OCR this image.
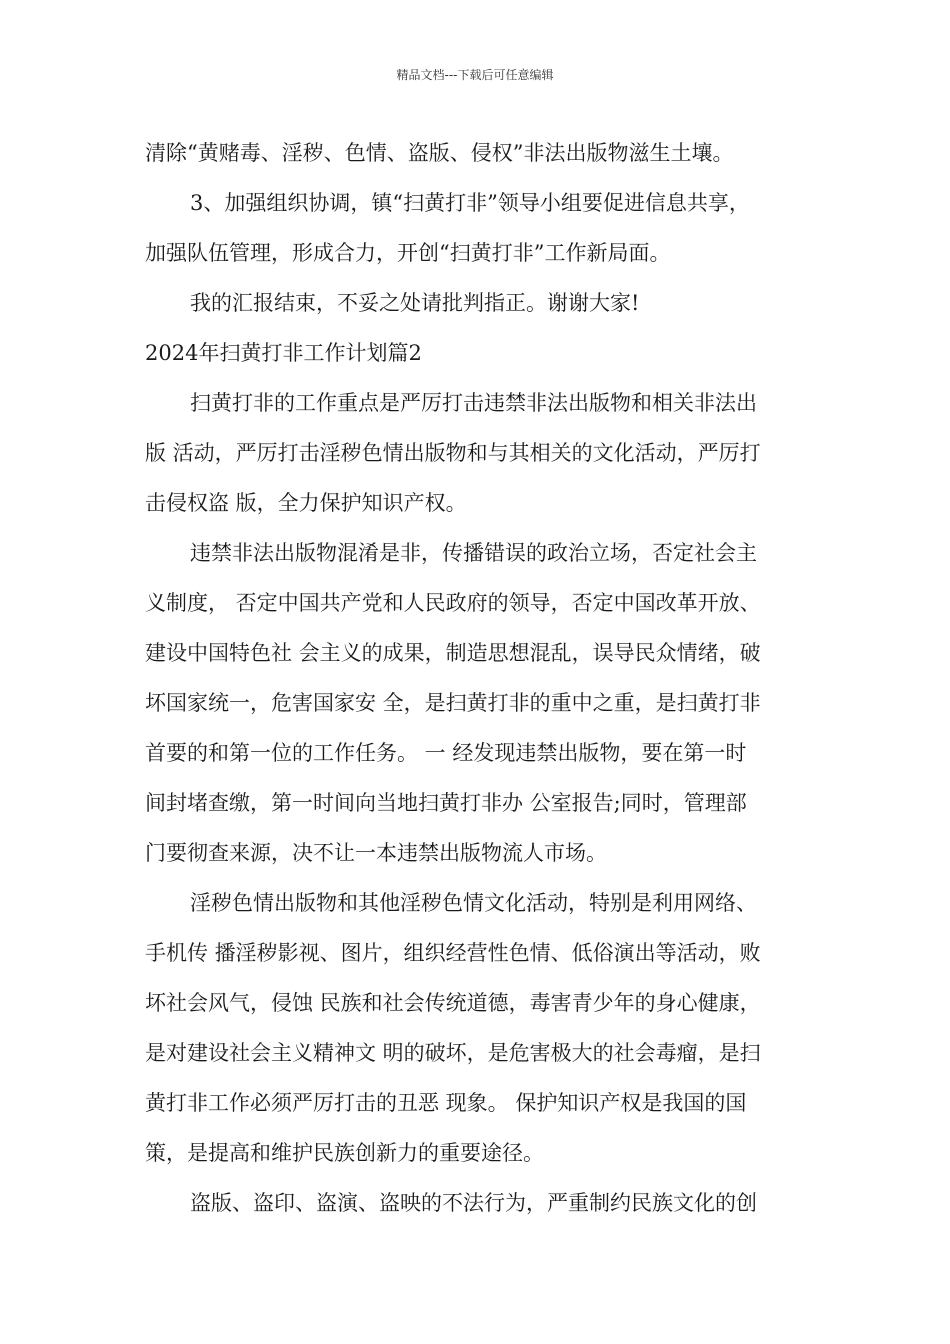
精品文档---下载后可任意编辑
清除“黄赌毒、淫秽、色情、盗版、侵权”非法出版物滋生土壤。
3、加强组织协调，镇“扫黄打非”领导小组要促进信息共享，
加强队伍管理，形成合力，开创“扫黄打非”工作新局面。
我的汇报结束，不妥之处请批判指正。谢谢大家!
2024年扫黄打非工作计划篇2
扫黄打非的工作重点是严厉打击违禁非法出版物和相关非法出
版 活动，严厉打击淫秽色情出版物和与其相关的文化活动，严厉打
击侵权盗 版，全力保护知识产权。
违禁非法出版物混淆是非，传播错误的政治立场，否定社会主
义制度， 否定中国共产党和人民政府的领导，否定中国改革开放、
建设中国特色社 会主义的成果，制造思想混乱，误导民众情绪，破
坏国家统一，危害国家安 全，是扫黄打非的重中之重，是扫黄打非
首要的和第一位的工作任务。 一 经发现违禁出版物，要在第一时
间封堵查缴，第一时间向当地扫黄打非办 公室报告;同时，管理部
门要彻查来源，决不让一本违禁出版物流人市场。
淫秽色情出版物和其他淫秽色情文化活动，特别是利用网络、
手机传 播淫秽影视、图片，组织经营性色情、低俗演出等活动，败
坏社会风气，侵蚀 民族和社会传统道德，毒害青少年的身心健康，
是对建设社会主义精神文 明的破坏，是危害极大的社会毒瘤，是扫
黄打非工作必须严厉打击的丑恶 现象。 保护知识产权是我国的国
策，是提高和维护民族创新力的重要途径。
盗版、盗印、盗演、盗映的不法行为，严重制约民族文化的创
